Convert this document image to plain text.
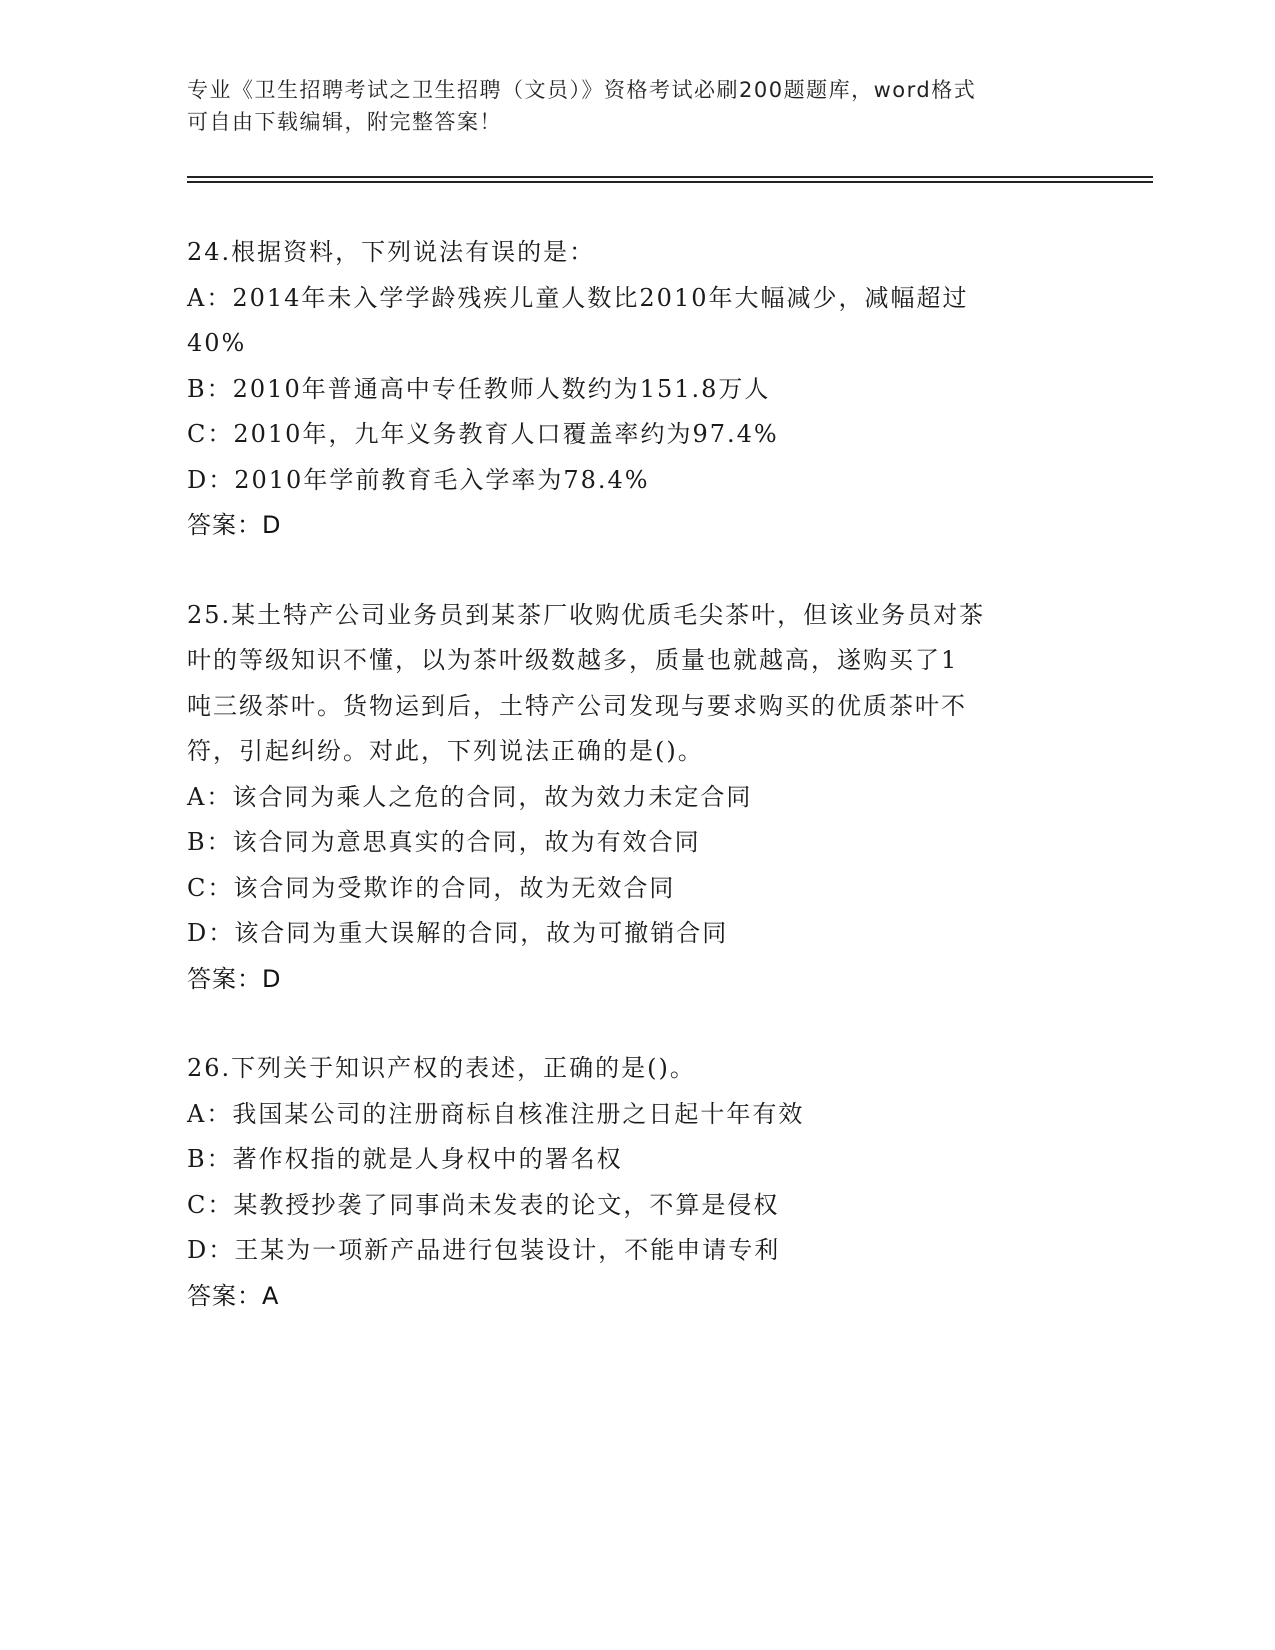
专业《卫生招聘考试之卫生招聘（文员）》资格考试必刷200题题库，word格式
可自由下载编辑，附完整答案！
24.根据资料，下列说法有误的是：
A：2014年未入学学龄残疾儿童人数比2010年大幅减少，减幅超过
40%
B：2010年普通高中专任教师人数约为151.8万人
C：2010年，九年义务教育人口覆盖率约为97.4%
D：2010年学前教育毛入学率为78.4%
答案：D
25.某土特产公司业务员到某茶厂收购优质毛尖茶叶，但该业务员对茶
叶的等级知识不懂，以为茶叶级数越多，质量也就越高，遂购买了1
吨三级茶叶。货物运到后，土特产公司发现与要求购买的优质茶叶不
符，引起纠纷。对此，下列说法正确的是()。
A：该合同为乘人之危的合同，故为效力未定合同
B：该合同为意思真实的合同，故为有效合同
C：该合同为受欺诈的合同，故为无效合同
D：该合同为重大误解的合同，故为可撤销合同
答案：D
26.下列关于知识产权的表述，正确的是()。
A：我国某公司的注册商标自核准注册之日起十年有效
B：著作权指的就是人身权中的署名权
C：某教授抄袭了同事尚未发表的论文，不算是侵权
D：王某为一项新产品进行包装设计，不能申请专利
答案：A
